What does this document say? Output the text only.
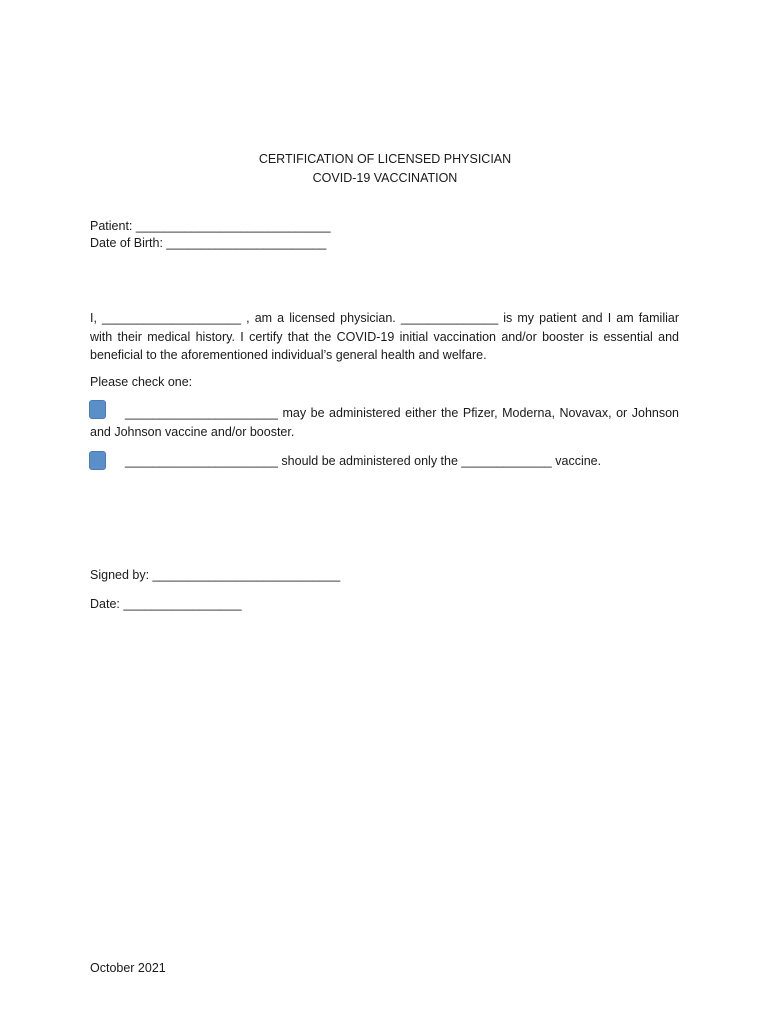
CERTIFICATION OF LICENSED PHYSICIAN
COVID-19 VACCINATION
Patient: ____________________________
Date of Birth: _______________________
I, ____________________ , am a licensed physician. ______________ is my patient and I am familiar with their medical history. I certify that the COVID-19 initial vaccination and/or booster is essential and beneficial to the aforementioned individual’s general health and welfare.
Please check one:
______________________ may be administered either the Pfizer, Moderna, Novavax, or Johnson and Johnson vaccine and/or booster.
______________________ should be administered only the _____________ vaccine.
Signed by: ___________________________
Date: _________________
October 2021
